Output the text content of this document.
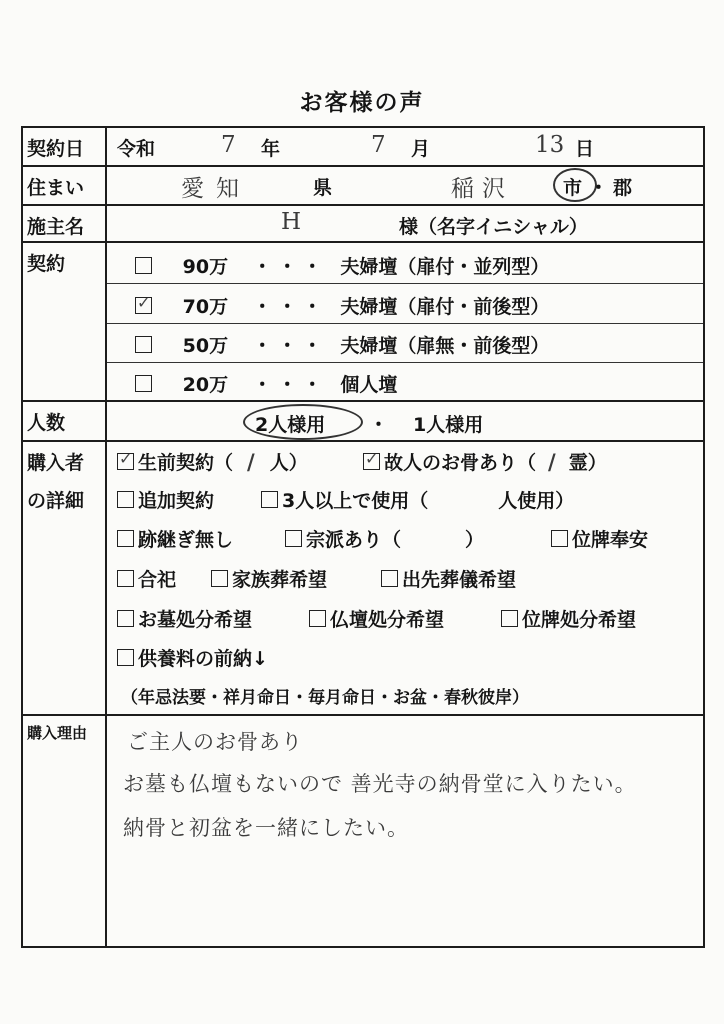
お客様の声
契約日 令和	7 年	7 月	13 日
住まい	愛知	県	稲沢	市 ・ 郡
施主名	H	様（名字イニシャル）
契約	90万 ・・・ 夫婦壇（扉付・並列型）
✓ 70万 ・・・ 夫婦壇（扉付・前後型）
50万 ・・・ 夫婦壇（扉無・前後型）
20万 ・・・ 個人壇
人数	2人様用 ・ 1人様用
購入者
の詳細
✓生前契約（ / 人）
✓	故人のお骨あり（ / 霊）
追加契約	3人以上で使用（	人使用）
跡継ぎ無し	宗派あり（	）	位牌奉安
合祀	家族葬希望	出先葬儀希望
お墓処分希望	仏壇処分希望	位牌処分希望
供養料の前納↓
（年忌法要・祥月命日・毎月命日・お盆・春秋彼岸）
購入理由 ご主人のお骨あり
お墓も仏壇もないので 善光寺の納骨堂に入りたい。
納骨と初盆を一緒にしたい。
